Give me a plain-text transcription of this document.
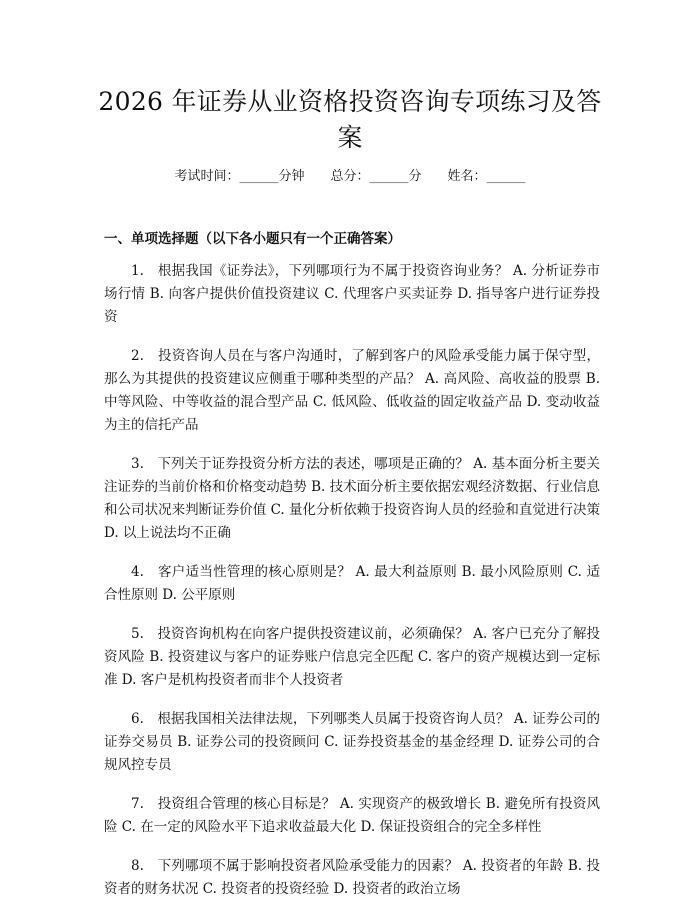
2026 年证券从业资格投资咨询专项练习及答案
考试时间：______分钟 总分：______分 姓名：______
一、单项选择题（以下各小题只有一个正确答案）

1.　根据我国《证券法》，下列哪项行为不属于投资咨询业务？ A. 分析证券市场行情 B. 向客户提供价值投资建议 C. 代理客户买卖证券 D. 指导客户进行证券投资

2.　投资咨询人员在与客户沟通时，了解到客户的风险承受能力属于保守型，那么为其提供的投资建议应侧重于哪种类型的产品？ A. 高风险、高收益的股票 B. 中等风险、中等收益的混合型产品 C. 低风险、低收益的固定收益产品 D. 变动收益为主的信托产品

3.　下列关于证券投资分析方法的表述，哪项是正确的？ A. 基本面分析主要关注证券的当前价格和价格变动趋势 B. 技术面分析主要依据宏观经济数据、行业信息和公司状况来判断证券价值 C. 量化分析依赖于投资咨询人员的经验和直觉进行决策 D. 以上说法均不正确

4.　客户适当性管理的核心原则是？ A. 最大利益原则 B. 最小风险原则 C. 适合性原则 D. 公平原则

5.　投资咨询机构在向客户提供投资建议前，必须确保？ A. 客户已充分了解投资风险 B. 投资建议与客户的证券账户信息完全匹配 C. 客户的资产规模达到一定标准 D. 客户是机构投资者而非个人投资者

6.　根据我国相关法律法规，下列哪类人员属于投资咨询人员？ A. 证券公司的证券交易员 B. 证券公司的投资顾问 C. 证券投资基金的基金经理 D. 证券公司的合规风控专员

7.　投资组合管理的核心目标是？ A. 实现资产的极致增长 B. 避免所有投资风险 C. 在一定的风险水平下追求收益最大化 D. 保证投资组合的完全多样性

8.　下列哪项不属于影响投资者风险承受能力的因素？ A. 投资者的年龄 B. 投资者的财务状况 C. 投资者的投资经验 D. 投资者的政治立场
